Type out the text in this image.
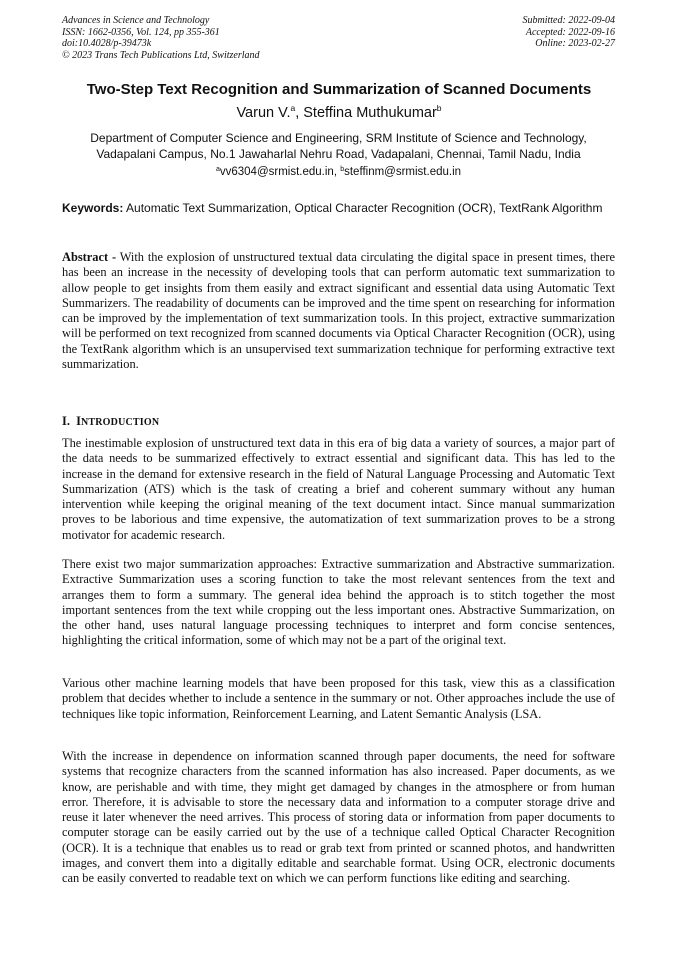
Advances in Science and Technology
ISSN: 1662-0356, Vol. 124, pp 355-361
doi:10.4028/p-39473k
© 2023 Trans Tech Publications Ltd, Switzerland
Submitted: 2022-09-04
Accepted: 2022-09-16
Online: 2023-02-27
Two-Step Text Recognition and Summarization of Scanned Documents
Varun V.$^a$, Steffina Muthukumar$^b$
Department of Computer Science and Engineering, SRM Institute of Science and Technology, Vadapalani Campus, No.1 Jawaharlal Nehru Road, Vadapalani, Chennai, Tamil Nadu, India
$^a$vv6304@srmist.edu.in, $^b$steffinm@srmist.edu.in
Keywords: Automatic Text Summarization, Optical Character Recognition (OCR), TextRank Algorithm

Abstract - With the explosion of unstructured textual data circulating the digital space in present times, there has been an increase in the necessity of developing tools that can perform automatic text summarization to allow people to get insights from them easily and extract significant and essential data using Automatic Text Summarizers. The readability of documents can be improved and the time spent on researching for information can be improved by the implementation of text summarization tools. In this project, extractive summarization will be performed on text recognized from scanned documents via Optical Character Recognition (OCR), using the TextRank algorithm which is an unsupervised text summarization technique for performing extractive text summarization.

I. INTRODUCTION

The inestimable explosion of unstructured text data in this era of big data a variety of sources, a major part of the data needs to be summarized effectively to extract essential and significant data. This has led to the increase in the demand for extensive research in the field of Natural Language Processing and Automatic Text Summarization (ATS) which is the task of creating a brief and coherent summary without any human intervention while keeping the original meaning of the text document intact. Since manual summarization proves to be laborious and time expensive, the automatization of text summarization proves to be a strong motivator for academic research.

There exist two major summarization approaches: Extractive summarization and Abstractive summarization. Extractive Summarization uses a scoring function to take the most relevant sentences from the text and arranges them to form a summary. The general idea behind the approach is to stitch together the most important sentences from the text while cropping out the less important ones. Abstractive Summarization, on the other hand, uses natural language processing techniques to interpret and form concise sentences, highlighting the critical information, some of which may not be a part of the original text.

Various other machine learning models that have been proposed for this task, view this as a classification problem that decides whether to include a sentence in the summary or not. Other approaches include the use of techniques like topic information, Reinforcement Learning, and Latent Semantic Analysis (LSA.

With the increase in dependence on information scanned through paper documents, the need for software systems that recognize characters from the scanned information has also increased. Paper documents, as we know, are perishable and with time, they might get damaged by changes in the atmosphere or from human error. Therefore, it is advisable to store the necessary data and information to a computer storage drive and reuse it later whenever the need arrives. This process of storing data or information from paper documents to computer storage can be easily carried out by the use of a technique called Optical Character Recognition (OCR). It is a technique that enables us to read or grab text from printed or scanned photos, and handwritten images, and convert them into a digitally editable and searchable format. Using OCR, electronic documents can be easily converted to readable text on which we can perform functions like editing and searching.
